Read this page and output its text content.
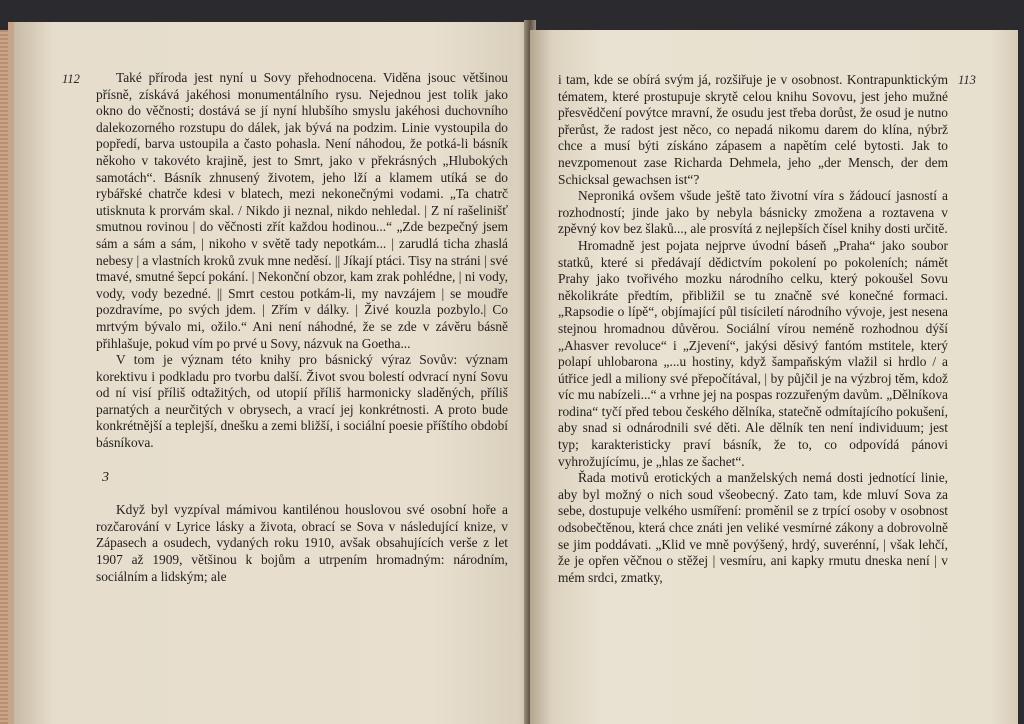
112	Také příroda jest nyní u Sovy přehodnocena. Viděna jsouc většinou přísně, získává jakéhosi monumentálního rysu. Nejednou jest tolik jako okno do věčnosti; dostává se jí nyní hlubšího smyslu jakéhosi duchovního dalekozorného rozstupu do dálek, jak bývá na podzim. Linie vystoupila do popředí, barva ustoupila a často pohasla. Není náhodou, že potká-li básník někoho v takovéto krajině, jest to Smrt, jako v překrásných „Hlubokých samotách“. Básník zhnusený životem, jeho lží a klamem utíká se do rybářské chatrče kdesi v blatech, mezi nekonečnými vodami. „Ta chatrč utisknuta k prorvám skal. / Nikdo ji neznal, nikdo nehledal. | Z ní rašelinišť smutnou rovinou | do věčnosti zřít každou hodinou...“ „Zde bezpečný jsem sám a sám a sám, | nikoho v světě tady nepotkám... | zarudlá ticha zhaslá nebesy | a vlastních kroků zvuk mne neděsí. || Jíkají ptáci. Tisy na stráni | své tmavé, smutné šepcí pokání. | Nekonční obzor, kam zrak pohlédne, | ni vody, vody, vody bezedné. || Smrt cestou potkám-li, my navzájem | se moudře pozdravíme, po svých jdem. | Zřím v dálky. | Živé kouzla pozbylo.| Co mrtvým bývalo mi, ožilo.“ Ani není náhodné, že se zde v závěru básně přihlašuje, pokud vím po prvé u Sovy, názvuk na Goetha...

V tom je význam této knihy pro básnický výraz Sovův: význam korektivu i podkladu pro tvorbu další. Život svou bolestí odvrací nyní Sovu od ní visí příliš odtažitých, od utopií příliš harmonicky sladěných, příliš parnatých a neurčitých v obrysech, a vrací jej konkrétnosti. A proto bude konkrétnější a teplejší, dnešku a zemi bližší, i sociální poesie příštího období básníkova.

3

Když byl vyzpíval mámivou kantilénou houslovou své osobní hoře a rozčarování v Lyrice lásky a života, obrací se Sova v následující knize, v Zápasech a osudech, vydaných roku 1910, avšak obsahujících verše z let 1907 až 1909, většinou k bojům a utrpením hromadným: národním, sociálním a lidským; ale

113

i tam, kde se obírá svým já, rozšiřuje je v osobnost. Kontrapunktickým tématem, které prostupuje skrytě celou knihu Sovovu, jest jeho mužné přesvědčení povýtce mravní, že osudu jest třeba dorůst, že osud je nutno přerůst, že radost jest něco, co nepadá nikomu darem do klína, nýbrž chce a musí býti získáno zápasem a napětím celé bytosti. Jak to nevzpomenout zase Richarda Dehmela, jeho „der Mensch, der dem Schicksal gewachsen ist“?

Neproniká ovšem všude ještě tato životní víra s žádoucí jasností a rozhodností; jinde jako by nebyla básnicky zmožena a roztavena v zpěvný kov bez šlaků..., ale prosvítá z nejlepších čísel knihy dosti určitě.

Hromadně jest pojata nejprve úvodní báseň „Praha“ jako soubor statků, které si předávají dědictvím pokolení po pokoleních; námět Prahy jako tvořivého mozku národního celku, který pokoušel Sovu několikráte předtím, přibližil se tu značně své konečné formaci. „Rapsodie o lípě“, objímající půl tisíciletí národního vývoje, jest nesena stejnou hromadnou důvěrou. Sociální vírou neméně rozhodnou dýší „Ahasver revoluce“ i „Zjevení“, jakýsi děsivý fantóm mstitele, který polapí uhlobarona „...u hostiny, když šampaňským vlažil si hrdlo / a útřice jedl a miliony své přepočítával, | by půjčil je na výzbroj těm, kdož víc mu nabízeli...“ a vrhne jej na pospas rozzuřeným davům. „Dělníkova rodina“ tyčí před tebou českého dělníka, statečně odmítajícího pokušení, aby snad si odnárodnili své děti. Ale dělník ten není individuum; jest typ; karakteristicky praví básník, že to, co odpovídá pánovi vyhrožujícímu, je „hlas ze šachet“.

Řada motivů erotických a manželských nemá dosti jednotící linie, aby byl možný o nich soud všeobecný. Zato tam, kde mluví Sova za sebe, dostupuje velkého usmíření: proměnil se z trpící osoby v osobnost odsobečtěnou, která chce znáti jen veliké vesmírné zákony a dobrovolně se jim poddávati. „Klid ve mně povýšený, hrdý, suverénní, | však lehčí, že je opřen věčnou o stěžej | vesmíru, ani kapky rmutu dneska není | v mém srdci, zmatky,
